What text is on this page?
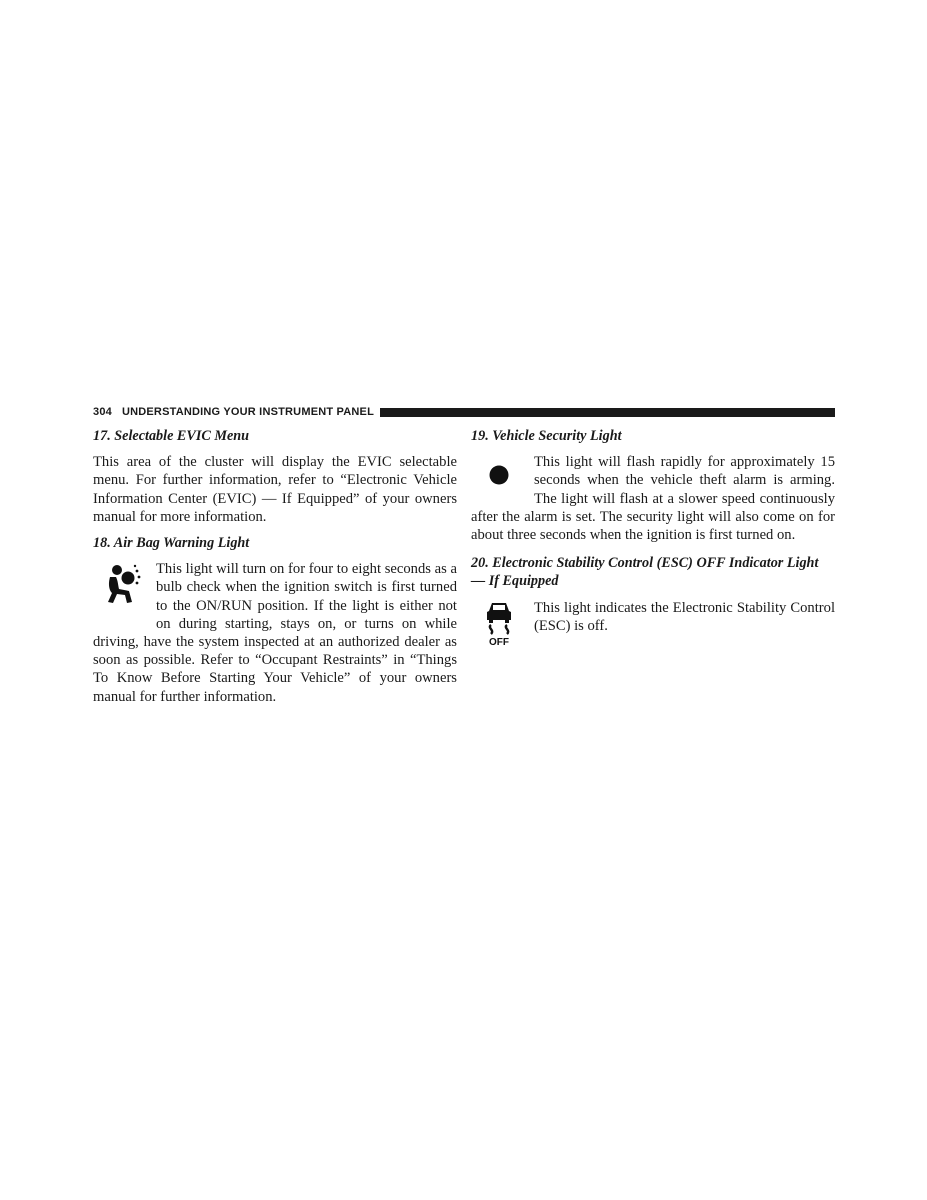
304 UNDERSTANDING YOUR INSTRUMENT PANEL

17. Selectable EVIC Menu

This area of the cluster will display the EVIC selectable menu. For further information, refer to “Electronic Vehicle Information Center (EVIC) — If Equipped” of your owners manual for more information.

18. Air Bag Warning Light

This light will turn on for four to eight seconds as a bulb check when the ignition switch is first turned to the ON/RUN position. If the light is either not on during starting, stays on, or turns on while driving, have the system inspected at an authorized dealer as soon as possible. Refer to “Occupant Restraints” in “Things To Know Before Starting Your Vehicle” of your owners manual for further information.

19. Vehicle Security Light

This light will flash rapidly for approximately 15 seconds when the vehicle theft alarm is arming. The light will flash at a slower speed continuously after the alarm is set. The security light will also come on for about three seconds when the ignition is first turned on.

20. Electronic Stability Control (ESC) OFF Indicator Light — If Equipped

OFF
This light indicates the Electronic Stability Control (ESC) is off.
